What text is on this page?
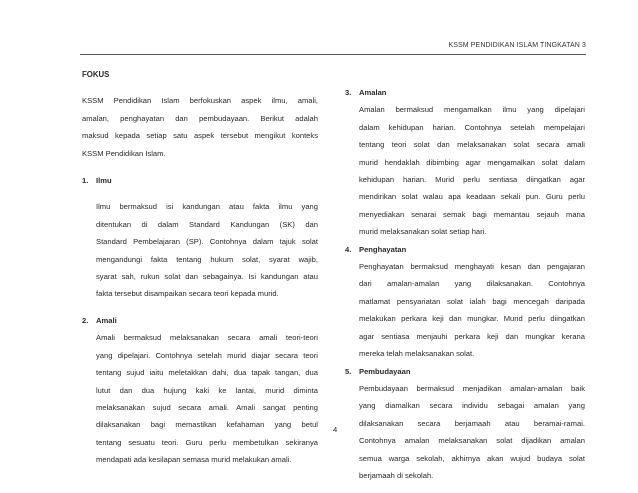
KSSM PENDIDIKAN ISLAM TINGKATAN 3
FOKUS
KSSM Pendidikan Islam berfokuskan aspek ilmu, amali,
amalan, penghayatan dan pembudayaan. Berikut adalah
maksud kepada setiap satu aspek tersebut mengikut konteks
KSSM Pendidikan Islam.
1. Ilmu
Ilmu bermaksud isi kandungan atau fakta ilmu yang
ditentukan di dalam Standard Kandungan (SK) dan
Standard Pembelajaran (SP). Contohnya dalam tajuk solat
mengandungi fakta tentang hukum solat, syarat wajib,
syarat sah, rukun solat dan sebagainya. Isi kandungan atau
fakta tersebut disampaikan secara teori kepada murid.
2. Amali
Amali bermaksud melaksanakan secara amali teori-teori
yang dipelajari. Contohnya setelah murid diajar secara teori
tentang sujud iaitu meletakkan dahi, dua tapak tangan, dua
lutut dan dua hujung kaki ke lantai, murid diminta
melaksanakan sujud secara amali. Amali sangat penting
dilaksanakan bagi memastikan kefahaman yang betul
tentang sesuatu teori. Guru perlu membetulkan sekiranya
mendapati ada kesilapan semasa murid melakukan amali.
3. Amalan
Amalan bermaksud mengamalkan ilmu yang dipelajari
dalam kehidupan harian. Contohnya setelah mempelajari
tentang teori solat dan melaksanakan solat secara amali
murid hendaklah dibimbing agar mengamalkan solat dalam
kehidupan harian. Murid perlu sentiasa diingatkan agar
mendirikan solat walau apa keadaan sekali pun. Guru perlu
menyediakan senarai semak bagi memantau sejauh mana
murid melaksanakan solat setiap hari.
4. Penghayatan
Penghayatan bermaksud menghayati kesan dan pengajaran
dari amalan-amalan yang dilaksanakan. Contohnya
matlamat pensyariatan solat ialah bagi mencegah daripada
melakukan perkara keji dan mungkar. Murid perlu diingatkan
agar sentiasa menjauhi perkara keji dan mungkar kerana
mereka telah melaksanakan solat.
5. Pembudayaan
Pembudayaan bermaksud menjadikan amalan-amalan baik
yang diamalkan secara individu sebagai amalan yang
dilaksanakan secara berjamaah atau beramai-ramai.
Contohnya amalan melaksanakan solat dijadikan amalan
semua warga sekolah, akhirnya akan wujud budaya solat
berjamaah di sekolah.
4
